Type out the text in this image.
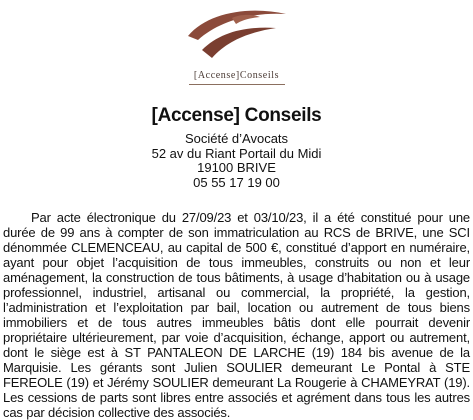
[Accense]Conseils
[Accense] Conseils
Société d’Avocats
52 av du Riant Portail du Midi
19100 BRIVE
05 55 17 19 00

Par acte électronique du 27/09/23 et 03/10/23, il a été constitué pour une durée de 99 ans à compter de son immatriculation au RCS de BRIVE, une SCI dénommée CLEMENCEAU, au capital de 500 €, constitué d’apport en numéraire, ayant pour objet l’acquisition de tous immeubles, construits ou non et leur aménagement, la construction de tous bâtiments, à usage d’habitation ou à usage professionnel, industriel, artisanal ou commercial, la propriété, la gestion, l’administration et l’exploitation par bail, location ou autrement de tous biens immobiliers et de tous autres immeubles bâtis dont elle pourrait devenir propriétaire ultérieurement, par voie d’acquisition, échange, apport ou autrement, dont le siège est à ST PANTALEON DE LARCHE (19) 184 bis avenue de la Marquisie. Les gérants sont Julien SOULIER demeurant Le Pontal à STE FEREOLE (19) et Jérémy SOULIER demeurant La Rougerie à CHAMEYRAT (19). Les cessions de parts sont libres entre associés et agrément dans tous les autres cas par décision collective des associés.
